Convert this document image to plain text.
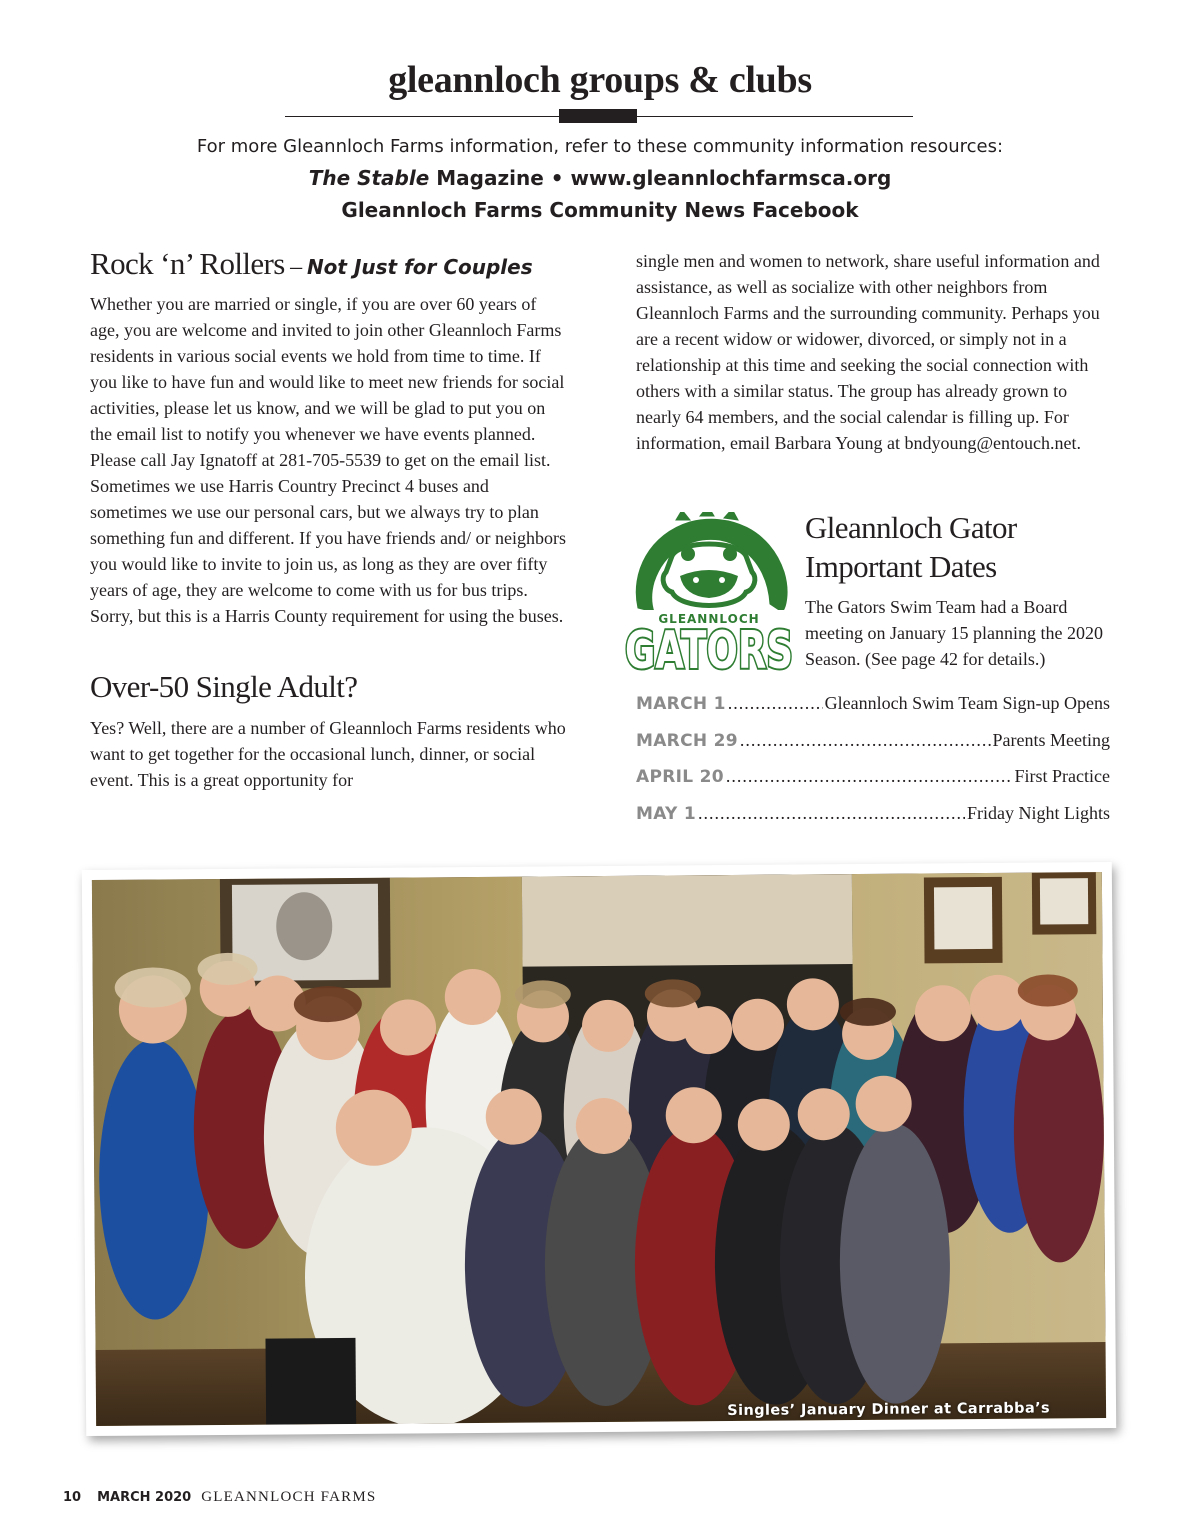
gleannloch groups & clubs
For more Gleannloch Farms information, refer to these community information resources:
The Stable Magazine • www.gleannlochfarmsca.org
Gleannloch Farms Community News Facebook
Rock ‘n’ Rollers – Not Just for Couples

Whether you are married or single, if you are over 60 years of age, you are welcome and invited to join other Gleannloch Farms residents in various social events we hold from time to time. If you like to have fun and would like to meet new friends for social activities, please let us know, and we will be glad to put you on the email list to notify you whenever we have events planned. Please call Jay Ignatoff at 281-705-5539 to get on the email list. Sometimes we use Harris Country Precinct 4 buses and sometimes we use our personal cars, but we always try to plan something fun and different. If you have friends and/ or neighbors you would like to invite to join us, as long as they are over fifty years of age, they are welcome to come with us for bus trips. Sorry, but this is a Harris County requirement for using the buses.

Over-50 Single Adult?

Yes? Well, there are a number of Gleannloch Farms residents who want to get together for the occasional lunch, dinner, or social event. This is a great opportunity for

single men and women to network, share useful information and assistance, as well as socialize with other neighbors from Gleannloch Farms and the surrounding community. Perhaps you are a recent widow or widower, divorced, or simply not in a relationship at this time and seeking the social connection with others with a similar status. The group has already grown to nearly 64 members, and the social calendar is filling up. For information, email Barbara Young at bndyoung@entouch.net.

GLEANNLOCH
GATORS
Gleannloch Gator
Important Dates
The Gators Swim Team had a Board meeting on January 15 planning the 2020 Season. (See page 42 for details.)
MARCH 1 .....	Gleannloch Swim Team Sign-up Opens
MARCH 29 .....	Parents Meeting
APRIL 20 .....	First Practice
MAY 1 .....	Friday Night Lights
Singles’ January Dinner at Carrabba’s
10 MARCH 2020 GLEANNLOCH FARMS
